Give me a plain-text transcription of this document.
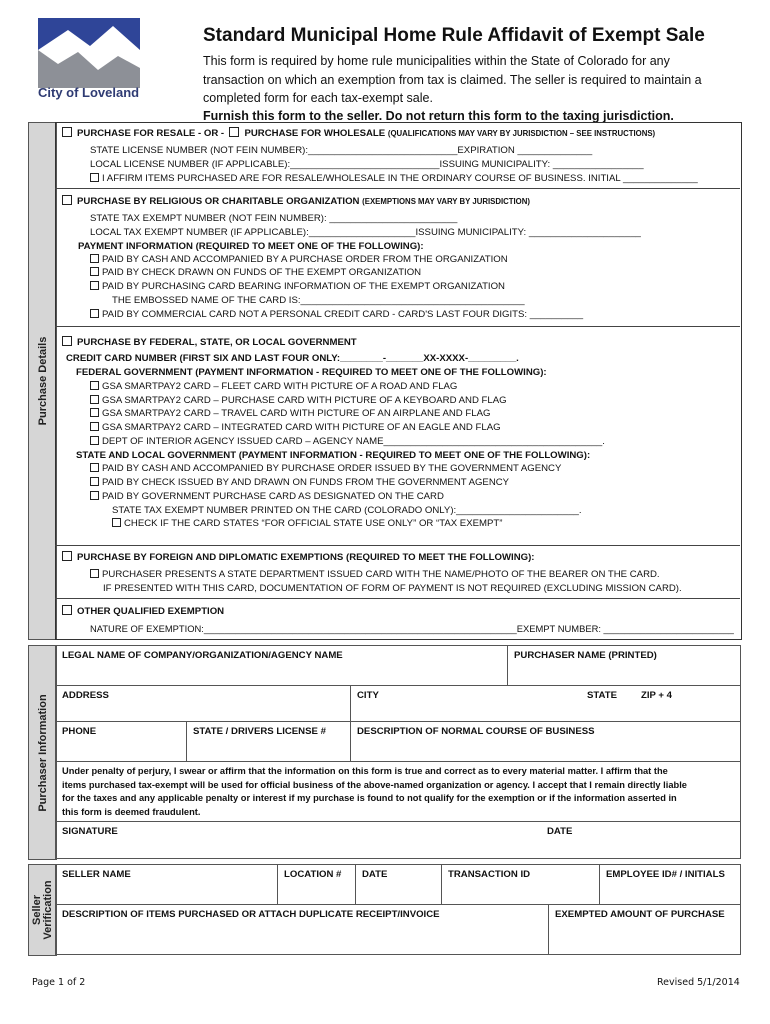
City of Loveland
Standard Municipal Home Rule Affidavit of Exempt Sale
This form is required by home rule municipalities within the State of Colorado for any
transaction on which an exemption from tax is claimed. The seller is required to maintain a
completed form for each tax-exempt sale.
Furnish this form to the seller. Do not return this form to the taxing jurisdiction.
Purchase Details
PURCHASE FOR RESALE - OR - PURCHASE FOR WHOLESALE (QUALIFICATIONS MAY VARY BY JURISDICTION – SEE INSTRUCTIONS)
STATE LICENSE NUMBER (NOT FEIN NUMBER):____________________________EXPIRATION ______________
LOCAL LICENSE NUMBER (IF APPLICABLE):____________________________ISSUING MUNICIPALITY: _________________
I AFFIRM ITEMS PURCHASED ARE FOR RESALE/WHOLESALE IN THE ORDINARY COURSE OF BUSINESS. INITIAL ______________
PURCHASE BY RELIGIOUS OR CHARITABLE ORGANIZATION (EXEMPTIONS MAY VARY BY JURISDICTION)
STATE TAX EXEMPT NUMBER (NOT FEIN NUMBER): ________________________
LOCAL TAX EXEMPT NUMBER (IF APPLICABLE):____________________ISSUING MUNICIPALITY: _____________________
PAYMENT INFORMATION (REQUIRED TO MEET ONE OF THE FOLLOWING):
PAID BY CASH AND ACCOMPANIED BY A PURCHASE ORDER FROM THE ORGANIZATION
PAID BY CHECK DRAWN ON FUNDS OF THE EXEMPT ORGANIZATION
PAID BY PURCHASING CARD BEARING INFORMATION OF THE EXEMPT ORGANIZATION
THE EMBOSSED NAME OF THE CARD IS:__________________________________________
PAID BY COMMERCIAL CARD NOT A PERSONAL CREDIT CARD - CARD'S LAST FOUR DIGITS: __________
PURCHASE BY FEDERAL, STATE, OR LOCAL GOVERNMENT
CREDIT CARD NUMBER (FIRST SIX AND LAST FOUR ONLY:________-_______XX-XXXX-_________.
FEDERAL GOVERNMENT (PAYMENT INFORMATION - REQUIRED TO MEET ONE OF THE FOLLOWING):
GSA SMARTPAY2 CARD – FLEET CARD WITH PICTURE OF A ROAD AND FLAG
GSA SMARTPAY2 CARD – PURCHASE CARD WITH PICTURE OF A KEYBOARD AND FLAG
GSA SMARTPAY2 CARD – TRAVEL CARD WITH PICTURE OF AN AIRPLANE AND FLAG
GSA SMARTPAY2 CARD – INTEGRATED CARD WITH PICTURE OF AN EAGLE AND FLAG
DEPT OF INTERIOR AGENCY ISSUED CARD – AGENCY NAME_________________________________________.
STATE AND LOCAL GOVERNMENT (PAYMENT INFORMATION - REQUIRED TO MEET ONE OF THE FOLLOWING):
PAID BY CASH AND ACCOMPANIED BY PURCHASE ORDER ISSUED BY THE GOVERNMENT AGENCY
PAID BY CHECK ISSUED BY AND DRAWN ON FUNDS FROM THE GOVERNMENT AGENCY
PAID BY GOVERNMENT PURCHASE CARD AS DESIGNATED ON THE CARD
STATE TAX EXEMPT NUMBER PRINTED ON THE CARD (COLORADO ONLY):_______________________.
CHECK IF THE CARD STATES “FOR OFFICIAL STATE USE ONLY” OR “TAX EXEMPT”
PURCHASE BY FOREIGN AND DIPLOMATIC EXEMPTIONS (REQUIRED TO MEET THE FOLLOWING):
PURCHASER PRESENTS A STATE DEPARTMENT ISSUED CARD WITH THE NAME/PHOTO OF THE BEARER ON THE CARD.
IF PRESENTED WITH THIS CARD, DOCUMENTATION OF FORM OF PAYMENT IS NOT REQUIRED (EXCLUDING MISSION CARD).
OTHER QUALIFIED EXEMPTION
NATURE OF EXEMPTION:____________________________________________________________EXEMPT NUMBER: _________________________
Purchaser Information
LEGAL NAME OF COMPANY/ORGANIZATION/AGENCY NAME	PURCHASER NAME (PRINTED)
ADDRESS	CITY	STATE ZIP + 4
PHONE	STATE / DRIVERS LICENSE #	DESCRIPTION OF NORMAL COURSE OF BUSINESS
Under penalty of perjury, I swear or affirm that the information on this form is true and correct as to every material matter. I affirm that the
items purchased tax-exempt will be used for official business of the above-named organization or agency. I accept that I remain directly liable
for the taxes and any applicable penalty or interest if my purchase is found to not qualify for the exemption or if the information asserted in
this form is deemed fraudulent.
SIGNATURE	DATE
Seller Verification
SELLER NAME	LOCATION #	DATE	TRANSACTION ID	EMPLOYEE ID# / INITIALS
DESCRIPTION OF ITEMS PURCHASED OR ATTACH DUPLICATE RECEIPT/INVOICE	EXEMPTED AMOUNT OF PURCHASE
Page 1 of 2	Revised 5/1/2014
